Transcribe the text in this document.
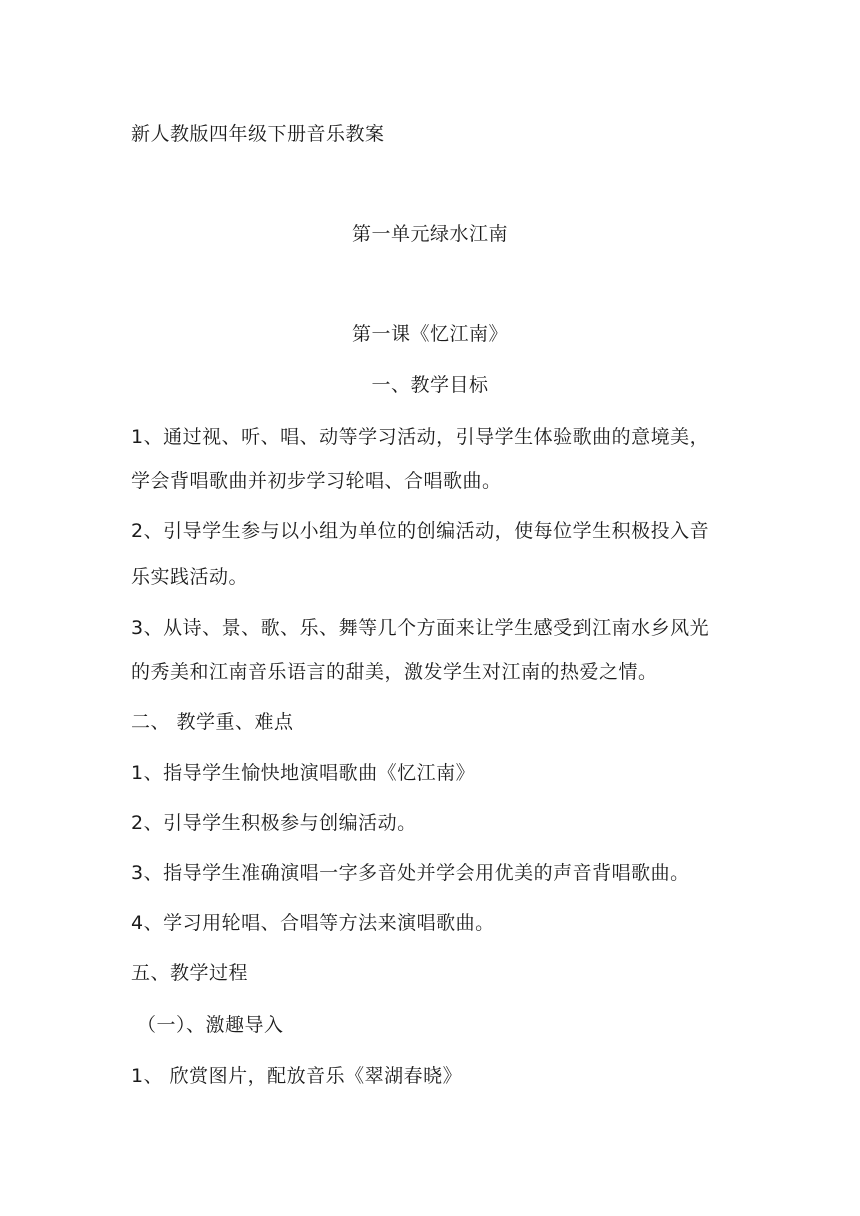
新人教版四年级下册音乐教案
第一单元绿水江南
第一课《忆江南》
一、教学目标
1、通过视、听、唱、动等学习活动，引导学生体验歌曲的意境美，
学会背唱歌曲并初步学习轮唱、合唱歌曲。
2、引导学生参与以小组为单位的创编活动，使每位学生积极投入音
乐实践活动。
3、从诗、景、歌、乐、舞等几个方面来让学生感受到江南水乡风光
的秀美和江南音乐语言的甜美，激发学生对江南的热爱之情。
二、 教学重、难点
1、指导学生愉快地演唱歌曲《忆江南》
2、引导学生积极参与创编活动。
3、指导学生准确演唱一字多音处并学会用优美的声音背唱歌曲。
4、学习用轮唱、合唱等方法来演唱歌曲。
五、教学过程
（一）、激趣导入
1、 欣赏图片，配放音乐《翠湖春晓》
